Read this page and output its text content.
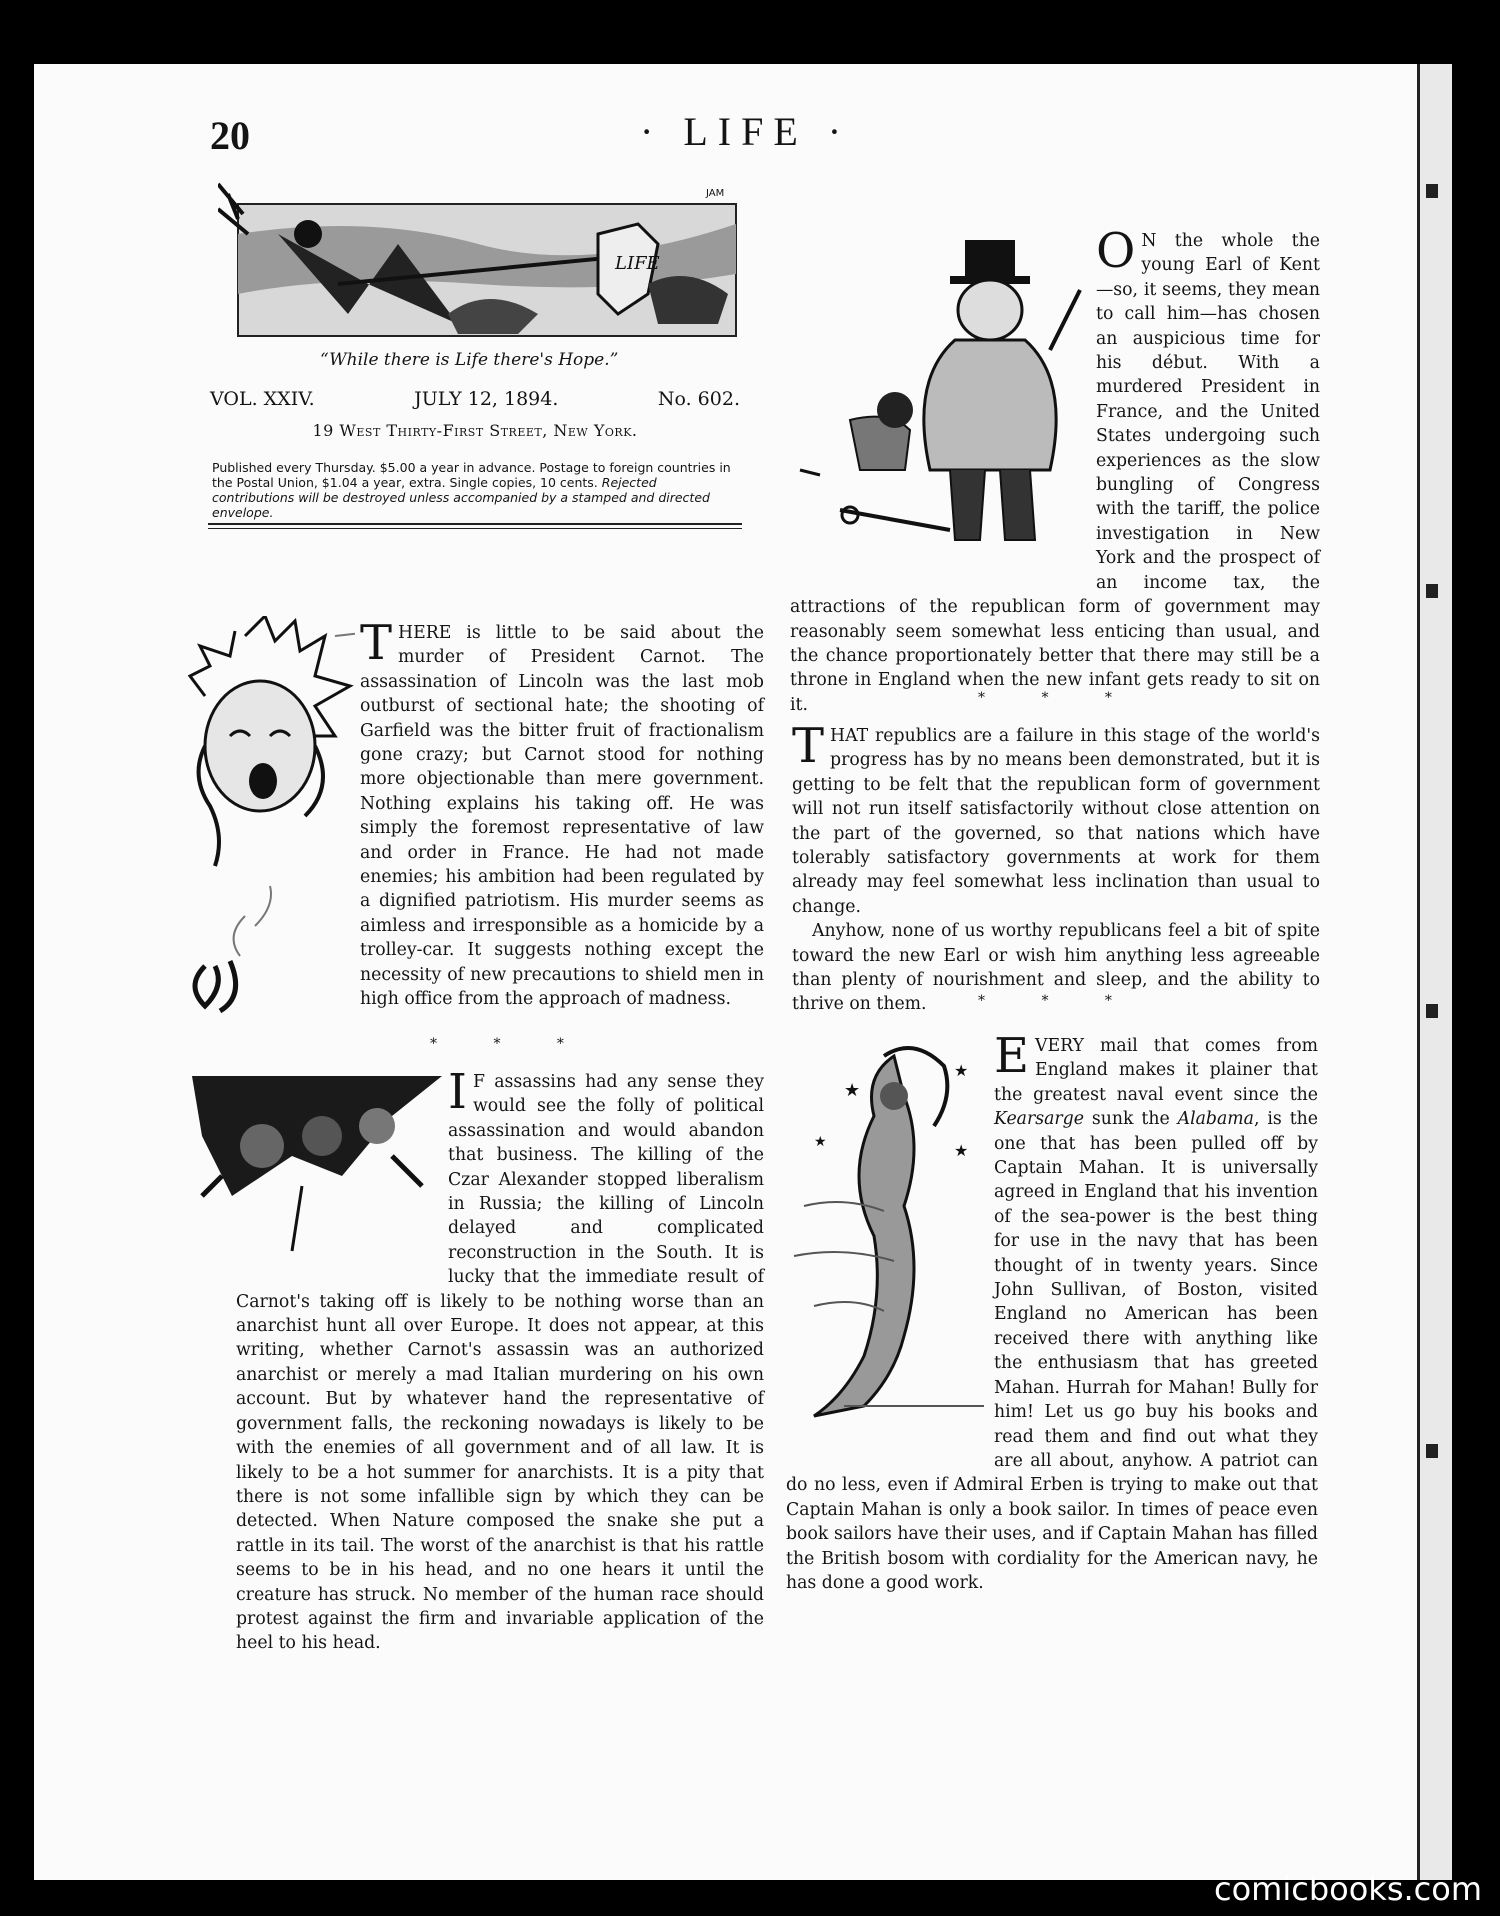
20	· LIFE ·
LIFE
JAM
“While there is Life there's Hope.”
VOL. XXIV.	JULY 12, 1894.	No. 602.
19 West Thirty-First Street, New York.
Published every Thursday. $5.00 a year in advance. Postage to foreign countries in the Postal Union, $1.04 a year, extra. Single copies, 10 cents. Rejected contributions will be destroyed unless accompanied by a stamped and directed envelope.
THERE is little to be said about the murder of President Carnot. The assassination of Lincoln was the last mob outburst of sectional hate; the shooting of Garfield was the bitter fruit of fractionalism gone crazy; but Carnot stood for nothing more objectionable than mere government. Nothing explains his taking off. He was simply the foremost representative of law and order in France. He had not made enemies; his ambition had been regulated by a dignified patriotism. His murder seems as aimless and irresponsible as a homicide by a trolley-car. It suggests nothing except the necessity of new precautions to shield men in high office from the approach of madness.
* * *
I F assassins had any sense they would see the folly of political assassination and would abandon that business. The killing of the Czar Alexander stopped liberalism in Russia; the killing of Lincoln delayed and complicated reconstruction in the South. It is lucky that the immediate result of Carnot's taking off is likely to be nothing worse than an anarchist hunt all over Europe. It does not appear, at this writing, whether Carnot's assassin was an authorized anarchist or merely a mad Italian murdering on his own account. But by whatever hand the representative of government falls, the reckoning nowadays is likely to be with the enemies of all government and of all law. It is likely to be a hot summer for anarchists. It is a pity that there is not some infallible sign by which they can be detected. When Nature composed the snake she put a rattle in its tail. The worst of the anarchist is that his rattle seems to be in his head, and no one hears it until the creature has struck. No member of the human race should protest against the firm and invariable application of the heel to his head.
O N the whole the young Earl of Kent—so, it seems, they mean to call him—has chosen an auspicious time for his début. With a murdered President in France, and the United States undergoing such experiences as the slow bungling of Congress with the tariff, the police investigation in New York and the prospect of an income tax, the attractions of the republican form of government may reasonably seem somewhat less enticing than usual, and the chance proportionately better that there may still be a throne in England when the new infant gets ready to sit on it.	* * *

THAT republics are a failure in this stage of the world's progress has by no means been demonstrated, but it is getting to be felt that the republican form of government will not run itself satisfactorily without close attention on the part of the governed, so that nations which have tolerably satisfactory governments at work for them already may feel somewhat less inclination than usual to change.

Anyhow, none of us worthy republicans feel a bit of spite toward the new Earl or wish him anything less agreeable than plenty of nourishment and sleep, and the ability to thrive on them.	* * *
★
★
★	★
EVERY mail that comes from England makes it plainer that the greatest naval event since the Kearsarge sunk the Alabama, is the one that has been pulled off by Captain Mahan. It is universally agreed in England that his invention of the sea-power is the best thing for use in the navy that has been thought of in twenty years. Since John Sullivan, of Boston, visited England no American has been received there with anything like the enthusiasm that has greeted Mahan. Hurrah for Mahan! Bully for him! Let us go buy his books and read them and find out what they are all about, anyhow. A patriot can do no less, even if Admiral Erben is trying to make out that Captain Mahan is only a book sailor. In times of peace even book sailors have their uses, and if Captain Mahan has filled the British bosom with cordiality for the American navy, he has done a good work.
comicbooks.com
